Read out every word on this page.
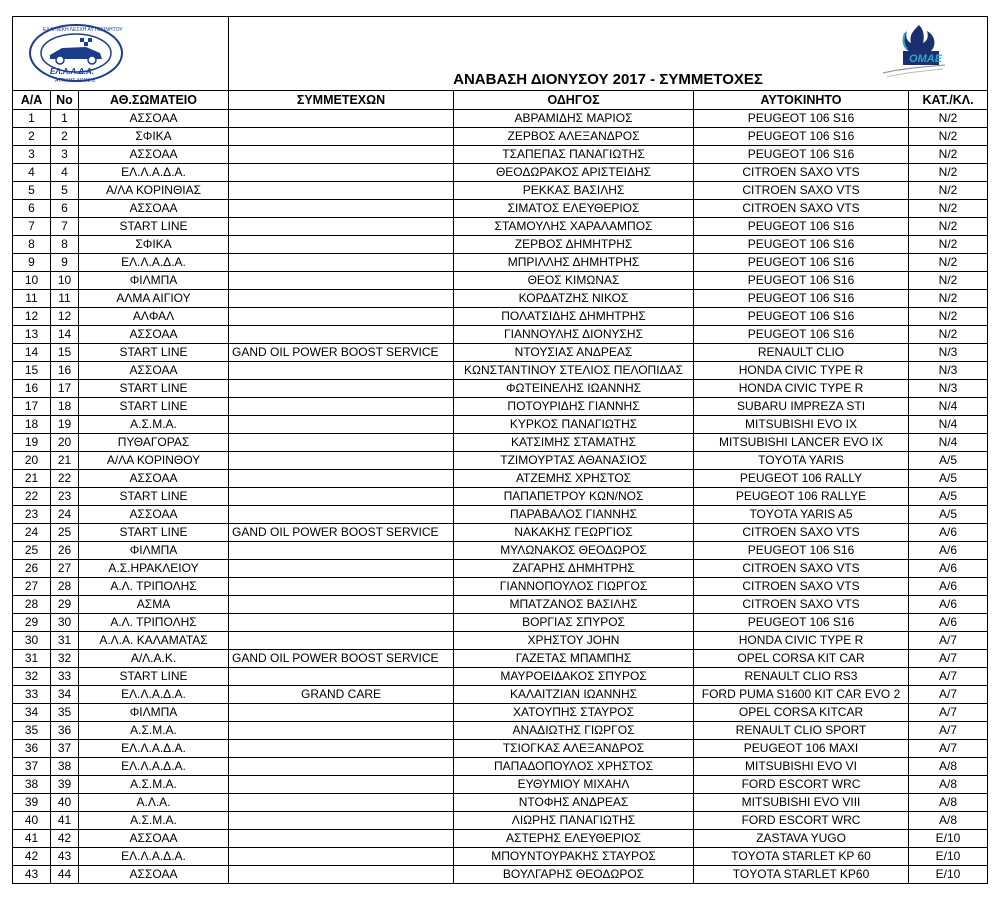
ΕΛΛΗΝΙΚΗ ΛΕΣΧΗ ΑΥΤΟΚΙΝΗΤΟΥ
ΕΛ.Λ.Α.Δ.Α.
ΑΤΤΙΚΗΣ ΑΙΓΙΝΗΣ			ΑΝΑΒΑΣΗ ΔΙΟΝΥΣΟΥ 2017 - ΣΥΜΜΕΤΟΧΕΣ
OMAE			

Α/Α	Νο	ΑΘ.ΣΩΜΑΤΕΙΟ	ΣΥΜΜΕΤΕΧΩΝ	ΟΔΗΓΟΣ	ΑΥΤΟΚΙΝΗΤΟ	ΚΑΤ./ΚΛ.
1	1	ΑΣΣΟΑΑ		ΑΒΡΑΜΙΔΗΣ ΜΑΡΙΟΣ	PEUGEOT 106 S16	N/2
2	2	ΣΦΙΚΑ		ΖΕΡΒΟΣ ΑΛΕΞΑΝΔΡΟΣ	PEUGEOT 106 S16	N/2
3	3	ΑΣΣΟΑΑ		ΤΣΑΠΕΠΑΣ ΠΑΝΑΓΙΩΤΗΣ	PEUGEOT 106 S16	N/2
4	4	ΕΛ.Λ.Α.Δ.Α.		ΘΕΟΔΩΡΑΚΟΣ ΑΡΙΣΤΕΙΔΗΣ	CITROEN SAXO VTS	N/2
5	5	Α/ΛΑ ΚΟΡΙΝΘΙΑΣ		ΡΕΚΚΑΣ ΒΑΣΙΛΗΣ	CITROEN SAXO VTS	N/2
6	6	ΑΣΣΟΑΑ		ΣΙΜΑΤΟΣ ΕΛΕΥΘΕΡΙΟΣ	CITROEN SAXO VTS	N/2
7	7	START LINE		ΣΤΑΜΟΥΛΗΣ ΧΑΡΑΛΑΜΠΟΣ	PEUGEOT 106 S16	N/2
8	8	ΣΦΙΚΑ		ΖΕΡΒΟΣ ΔΗΜΗΤΡΗΣ	PEUGEOT 106 S16	N/2
9	9	ΕΛ.Λ.Α.Δ.Α.		ΜΠΡΙΛΛΗΣ ΔΗΜΗΤΡΗΣ	PEUGEOT 106 S16	N/2
10	10	ΦΙΛΜΠΑ		ΘΕΟΣ ΚΙΜΩΝΑΣ	PEUGEOT 106 S16	N/2
11	11	ΑΛΜΑ ΑΙΓΙΟΥ		ΚΟΡΔΑΤΖΗΣ ΝΙΚΟΣ	PEUGEOT 106 S16	N/2
12	12	ΑΛΦΑΛ		ΠΟΛΑΤΣΙΔΗΣ ΔΗΜΗΤΡΗΣ	PEUGEOT 106 S16	N/2
13	14	ΑΣΣΟΑΑ		ΓΙΑΝΝΟΥΛΗΣ ΔΙΟΝΥΣΗΣ	PEUGEOT 106 S16	N/2
14	15	START LINE	GAND OIL POWER BOOST SERVICE	ΝΤΟΥΣΙΑΣ ΑΝΔΡΕΑΣ	RENAULT CLIO	N/3
15	16	ΑΣΣΟΑΑ		ΚΩΝΣΤΑΝΤΙΝΟΥ ΣΤΕΛΙΟΣ ΠΕΛΟΠΙΔΑΣ	HONDA CIVIC TYPE R	N/3
16	17	START LINE		ΦΩΤΕΙΝΕΛΗΣ ΙΩΑΝΝΗΣ	HONDA CIVIC TYPE R	N/3
17	18	START LINE		ΠΟΤΟΥΡΙΔΗΣ ΓΙΑΝΝΗΣ	SUBARU IMPREZA STI	N/4
18	19	Α.Σ.Μ.Α.		ΚΥΡΚΟΣ ΠΑΝΑΓΙΩΤΗΣ	MITSUBISHI EVO IX	N/4
19	20	ΠΥΘΑΓΟΡΑΣ		ΚΑΤΣΙΜΗΣ ΣΤΑΜΑΤΗΣ	MITSUBISHI LANCER EVO IX	N/4
20	21	Α/ΛΑ ΚΟΡΙΝΘΟΥ		ΤΖΙΜΟΥΡΤΑΣ ΑΘΑΝΑΣΙΟΣ	TOYOTA YARIS	A/5
21	22	ΑΣΣΟΑΑ		ΑΤΖΕΜΗΣ ΧΡΗΣΤΟΣ	PEUGEOT 106 RALLY	A/5
22	23	START LINE		ΠΑΠΑΠΕΤΡΟΥ ΚΩΝ/ΝΟΣ	PEUGEOT 106 RALLYE	A/5
23	24	ΑΣΣΟΑΑ		ΠΑΡΑΒΑΛΟΣ ΓΙΑΝΝΗΣ	TOYOTA YARIS A5	A/5
24	25	START LINE	GAND OIL POWER BOOST SERVICE	ΝΑΚΑΚΗΣ ΓΕΩΡΓΙΟΣ	CITROEN SAXO VTS	A/6
25	26	ΦΙΛΜΠΑ		ΜΥΛΩΝΑΚΟΣ ΘΕΟΔΩΡΟΣ	PEUGEOT 106 S16	A/6
26	27	Α.Σ.ΗΡΑΚΛΕΙΟΥ		ΖΑΓΑΡΗΣ ΔΗΜΗΤΡΗΣ	CITROEN SAXO VTS	A/6
27	28	Α.Λ. ΤΡΙΠΟΛΗΣ		ΓΙΑΝΝΟΠΟΥΛΟΣ ΓΙΩΡΓΟΣ	CITROEN SAXO VTS	A/6
28	29	ΑΣΜΑ		ΜΠΑΤΖΑΝΟΣ ΒΑΣΙΛΗΣ	CITROEN SAXO VTS	A/6
29	30	Α.Λ. ΤΡΙΠΟΛΗΣ		ΒΟΡΓΙΑΣ ΣΠΥΡΟΣ	PEUGEOT 106 S16	A/6
30	31	Α.Λ.Α. ΚΑΛΑΜΑΤΑΣ		ΧΡΗΣΤΟΥ JOHN	HONDA CIVIC TYPE R	A/7
31	32	Α/Λ.Α.Κ.	GAND OIL POWER BOOST SERVICE	ΓΑΖΕΤΑΣ ΜΠΑΜΠΗΣ	OPEL CORSA KIT CAR	A/7
32	33	START LINE		ΜΑΥΡΟΕΙΔΑΚΟΣ ΣΠΥΡΟΣ	RENAULT CLIO RS3	A/7
33	34	ΕΛ.Λ.Α.Δ.Α.	GRAND CARE	ΚΑΛΑΙΤΖΙΑΝ ΙΩΑΝΝΗΣ	FORD PUMA S1600 KIT CAR EVO 2	A/7
34	35	ΦΙΛΜΠΑ		ΧΑΤΟΥΠΗΣ ΣΤΑΥΡΟΣ	OPEL CORSA KITCAR	A/7
35	36	Α.Σ.Μ.Α.		ΑΝΑΔΙΩΤΗΣ ΓΙΩΡΓΟΣ	RENAULT CLIO SPORT	A/7
36	37	ΕΛ.Λ.Α.Δ.Α.		ΤΣΙΟΓΚΑΣ ΑΛΕΞΑΝΔΡΟΣ	PEUGEOT 106 MAXI	A/7
37	38	ΕΛ.Λ.Α.Δ.Α.		ΠΑΠΑΔΟΠΟΥΛΟΣ ΧΡΗΣΤΟΣ	MITSUBISHI EVO VI	A/8
38	39	Α.Σ.Μ.Α.		ΕΥΘΥΜΙΟΥ ΜΙΧΑΗΛ	FORD ESCORT WRC	A/8
39	40	Α.Λ.Α.		ΝΤΟΦΗΣ ΑΝΔΡΕΑΣ	MITSUBISHI EVO VIII	A/8
40	41	Α.Σ.Μ.Α.		ΛΙΩΡΗΣ ΠΑΝΑΓΙΩΤΗΣ	FORD ESCORT WRC	A/8
41	42	ΑΣΣΟΑΑ		ΑΣΤΕΡΗΣ ΕΛΕΥΘΕΡΙΟΣ	ZASTAVA YUGO	E/10
42	43	ΕΛ.Λ.Α.Δ.Α.		ΜΠΟΥΝΤΟΥΡΑΚΗΣ ΣΤΑΥΡΟΣ	TOYOTA STARLET KP 60	E/10
43	44	ΑΣΣΟΑΑ		ΒΟΥΛΓΑΡΗΣ ΘΕΟΔΩΡΟΣ	TOYOTA STARLET KP60	E/10
